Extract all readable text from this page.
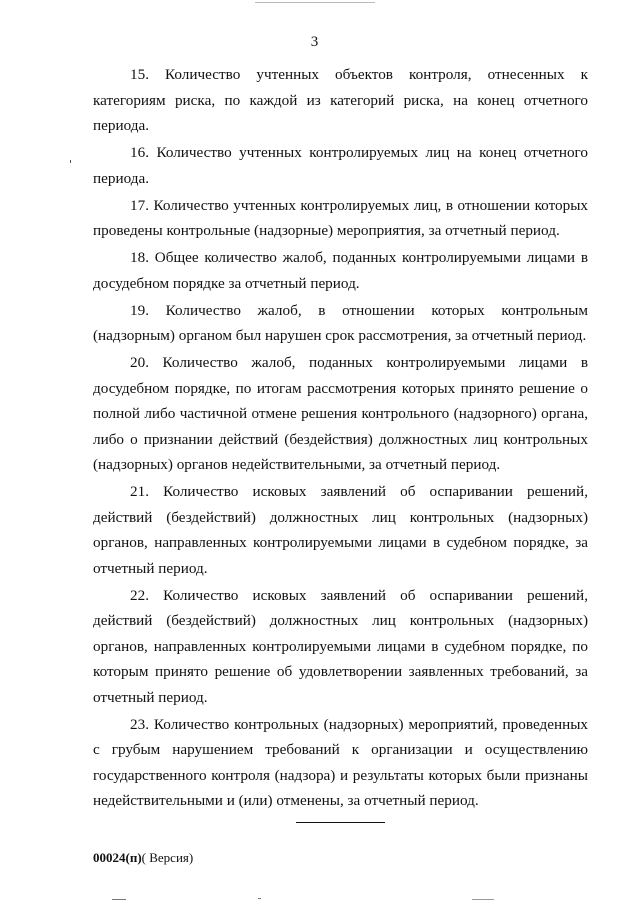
3

15. Количество учтенных объектов контроля, отнесенных к категориям риска, по каждой из категорий риска, на конец отчетного периода.

16. Количество учтенных контролируемых лиц на конец отчетного периода.

17. Количество учтенных контролируемых лиц, в отношении которых проведены контрольные (надзорные) мероприятия, за отчетный период.

18. Общее количество жалоб, поданных контролируемыми лицами в досудебном порядке за отчетный период.

19. Количество жалоб, в отношении которых контрольным (надзорным) органом был нарушен срок рассмотрения, за отчетный период.

20. Количество жалоб, поданных контролируемыми лицами в досудебном порядке, по итогам рассмотрения которых принято решение о полной либо частичной отмене решения контрольного (надзорного) органа, либо о признании действий (бездействия) должностных лиц контрольных (надзорных) органов недействительными, за отчетный период.

21. Количество исковых заявлений об оспаривании решений, действий (бездействий) должностных лиц контрольных (надзорных) органов, направленных контролируемыми лицами в судебном порядке, за отчетный период.

22. Количество исковых заявлений об оспаривании решений, действий (бездействий) должностных лиц контрольных (надзорных) органов, направленных контролируемыми лицами в судебном порядке, по которым принято решение об удовлетворении заявленных требований, за отчетный период.

23. Количество контрольных (надзорных) мероприятий, проведенных с грубым нарушением требований к организации и осуществлению государственного контроля (надзора) и результаты которых были признаны недействительными и (или) отменены, за отчетный период.

00024(п)( Версия)
